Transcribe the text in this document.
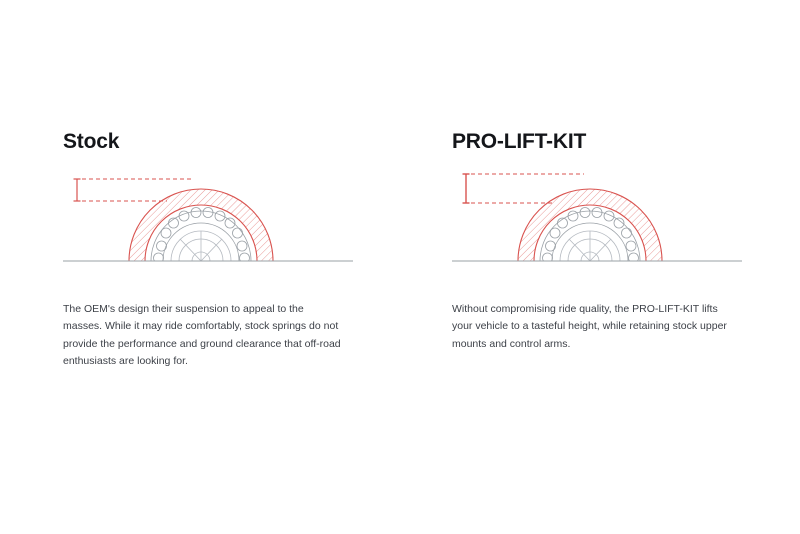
Stock

The OEM's design their suspension to appeal to the masses. While it may ride comfortably, stock springs do not provide the performance and ground clearance that off-road enthusiasts are looking for.

PRO-LIFT-KIT

Without compromising ride quality, the PRO-LIFT-KIT lifts your vehicle to a tasteful height, while retaining stock upper mounts and control arms.
